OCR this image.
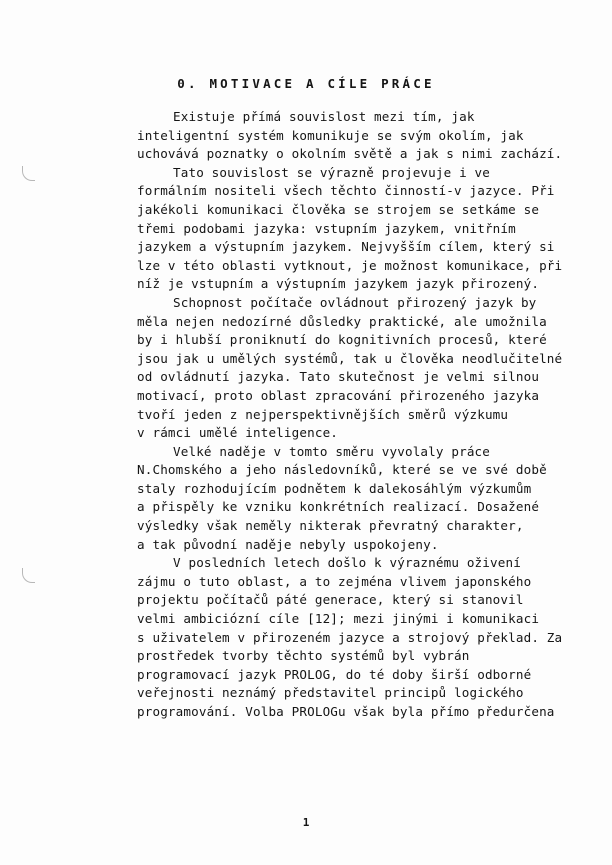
0. MOTIVACE A CÍLE PRÁCE
Existuje přímá souvislost mezi tím, jak
inteligentní systém komunikuje se svým okolím, jak
uchovává poznatky o okolním světě a jak s nimi zachází.
Tato souvislost se výrazně projevuje i ve
formálním nositeli všech těchto činností-v jazyce. Při
jakékoli komunikaci člověka se strojem se setkáme se
třemi podobami jazyka: vstupním jazykem, vnitřním
jazykem a výstupním jazykem. Nejvyšším cílem, který si
lze v této oblasti vytknout, je možnost komunikace, při
níž je vstupním a výstupním jazykem jazyk přirozený.
Schopnost počítače ovládnout přirozený jazyk by
měla nejen nedozírné důsledky praktické, ale umožnila
by i hlubší proniknutí do kognitivních procesů, které
jsou jak u umělých systémů, tak u člověka neodlučitelné
od ovládnutí jazyka. Tato skutečnost je velmi silnou
motivací, proto oblast zpracování přirozeného jazyka
tvoří jeden z nejperspektivnějších směrů výzkumu
v rámci umělé inteligence.
Velké naděje v tomto směru vyvolaly práce
N.Chomského a jeho následovníků, které se ve své době
staly rozhodujícím podnětem k dalekosáhlým výzkumům
a přispěly ke vzniku konkrétních realizací. Dosažené
výsledky však neměly nikterak převratný charakter,
a tak původní naděje nebyly uspokojeny.
V posledních letech došlo k výraznému oživení
zájmu o tuto oblast, a to zejména vlivem japonského
projektu počítačů páté generace, který si stanovil
velmi ambiciózní cíle [12]; mezi jinými i komunikaci
s uživatelem v přirozeném jazyce a strojový překlad. Za
prostředek tvorby těchto systémů byl vybrán
programovací jazyk PROLOG, do té doby širší odborné
veřejnosti neznámý představitel principů logického
programování. Volba PROLOGu však byla přímo předurčena
1
